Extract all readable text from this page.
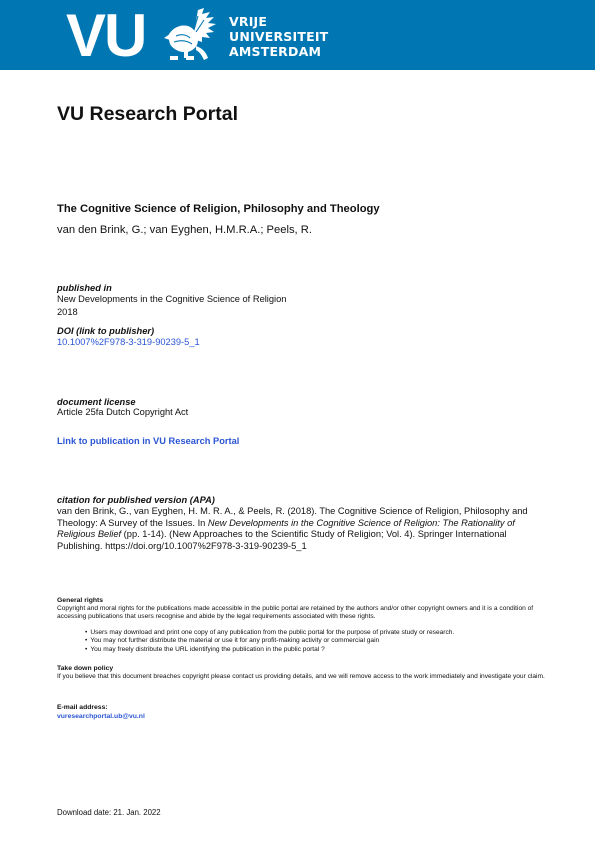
VU	VRIJE
UNIVERSITEIT
AMSTERDAM
VU Research Portal
The Cognitive Science of Religion, Philosophy and Theology
van den Brink, G.; van Eyghen, H.M.R.A.; Peels, R.
published in
New Developments in the Cognitive Science of Religion
2018
DOI (link to publisher)
10.1007%2F978-3-319-90239-5_1
document license
Article 25fa Dutch Copyright Act
Link to publication in VU Research Portal
citation for published version (APA)
van den Brink, G., van Eyghen, H. M. R. A., & Peels, R. (2018). The Cognitive Science of Religion, Philosophy and Theology: A Survey of the Issues. In New Developments in the Cognitive Science of Religion: The Rationality of Religious Belief (pp. 1-14). (New Approaches to the Scientific Study of Religion; Vol. 4). Springer International Publishing. https://doi.org/10.1007%2F978-3-319-90239-5_1
General rights
Copyright and moral rights for the publications made accessible in the public portal are retained by the authors and/or other copyright owners and it is a condition of accessing publications that users recognise and abide by the legal requirements associated with these rights.
• Users may download and print one copy of any publication from the public portal for the purpose of private study or research.
• You may not further distribute the material or use it for any profit-making activity or commercial gain
• You may freely distribute the URL identifying the publication in the public portal ?
Take down policy
If you believe that this document breaches copyright please contact us providing details, and we will remove access to the work immediately and investigate your claim.
E-mail address:
vuresearchportal.ub@vu.nl
Download date: 21. Jan. 2022
